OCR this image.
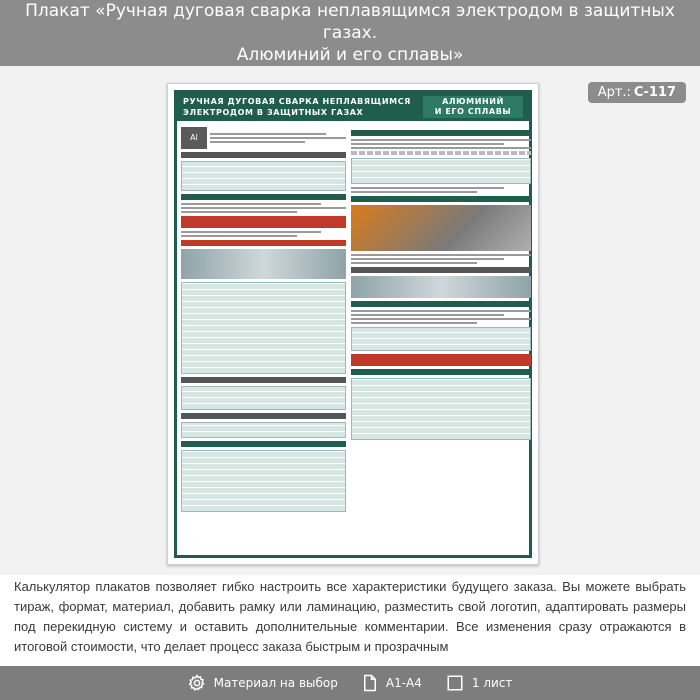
Плакат «Ручная дуговая сварка неплавящимся электродом в защитных газах.
Алюминий и его сплавы»
Арт.: С-117
РУЧНАЯ ДУГОВАЯ СВАРКА НЕПЛАВЯЩИМСЯ
ЭЛЕКТРОДОМ В ЗАЩИТНЫХ ГАЗАХ
АЛЮМИНИЙ
И ЕГО СПЛАВЫ
Al
Калькулятор плакатов позволяет гибко настроить все характеристики будущего заказа. Вы можете выбрать тираж, формат, материал, добавить рамку или ламинацию, разместить свой логотип, адаптировать размеры под перекидную систему и оставить дополнительные комментарии. Все изменения сразу отражаются в итоговой стоимости, что делает процесс заказа быстрым и прозрачным
Материал на выбор	А1-А4	1 лист
